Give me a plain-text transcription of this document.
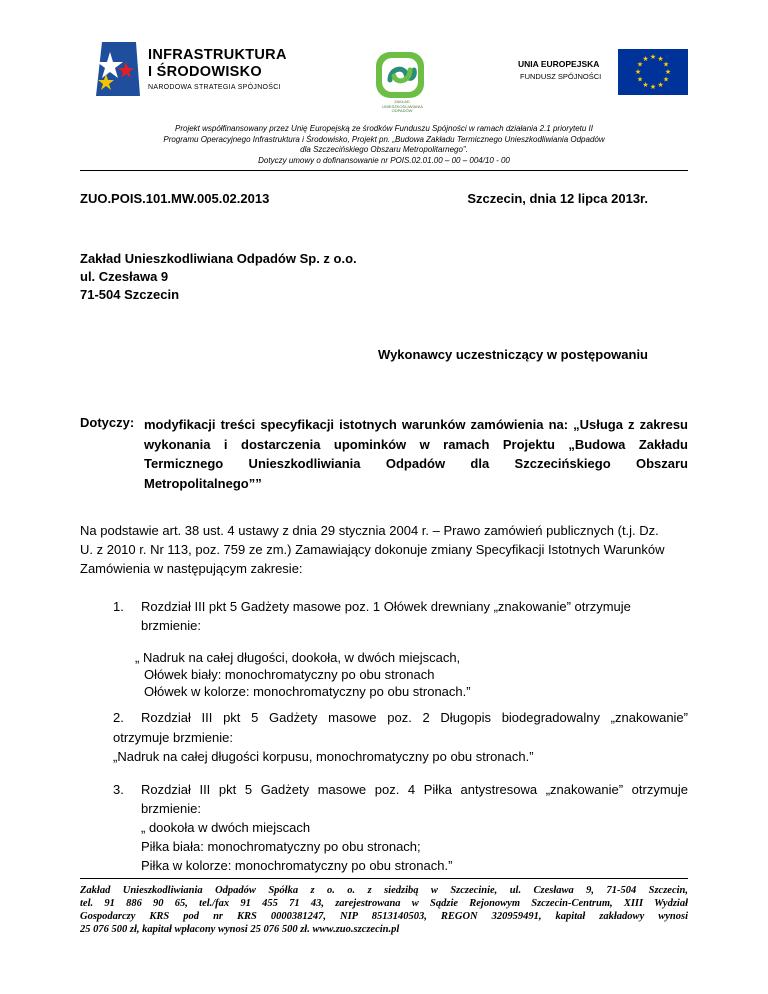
INFRASTRUKTURA
I ŚRODOWISKO
NARODOWA STRATEGIA SPÓJNOŚCI
ZAKŁAD
UNIESZKODLIWIANIA
ODPADÓW
UNIA EUROPEJSKA
FUNDUSZ SPÓJNOŚCI
★ ★
★
★
★
★
★
★
★
★
★
★
Projekt współfinansowany przez Unię Europejską ze środków Funduszu Spójności w ramach działania 2.1 priorytetu II
Programu Operacyjnego Infrastruktura i Środowisko, Projekt pn. „Budowa Zakładu Termicznego Unieszkodliwiania Odpadów
dla Szczecińskiego Obszaru Metropolitarnego”.
Dotyczy umowy o dofinansowanie nr POIS.02.01.00 – 00 – 004/10 - 00
ZUO.POIS.101.MW.005.02.2013	Szczecin, dnia 12 lipca 2013r.
Zakład Unieszkodliwiana Odpadów Sp. z o.o.
ul. Czesława 9
71-504 Szczecin
Wykonawcy uczestniczący w postępowaniu
Dotyczy: modyfikacji treści specyfikacji istotnych warunków zamówienia na: „Usługa z zakresu
wykonania i dostarczenia upominków w ramach Projektu „Budowa Zakładu
Termicznego Unieszkodliwiania Odpadów dla Szczecińskiego Obszaru
Metropolitalnego””
Na podstawie art. 38 ust. 4 ustawy z dnia 29 stycznia 2004 r. – Prawo zamówień publicznych (t.j. Dz.
U. z 2010 r. Nr 113, poz. 759 ze zm.) Zamawiający dokonuje zmiany Specyfikacji Istotnych Warunków
Zamówienia w następującym zakresie:
1. Rozdział III pkt 5 Gadżety masowe poz. 1 Ołówek drewniany „znakowanie” otrzymuje
brzmienie:
„ Nadruk na całej długości, dookoła, w dwóch miejscach,
Ołówek biały: monochromatyczny po obu stronach
Ołówek w kolorze: monochromatyczny po obu stronach.”
2. Rozdział III pkt 5 Gadżety masowe poz. 2 Długopis biodegradowalny „znakowanie”
otrzymuje brzmienie:
„Nadruk na całej długości korpusu, monochromatyczny po obu stronach.”
3. Rozdział III pkt 5 Gadżety masowe poz. 4 Piłka antystresowa „znakowanie” otrzymuje
brzmienie:
„ dookoła w dwóch miejscach
Piłka biała: monochromatyczny po obu stronach;
Piłka w kolorze: monochromatyczny po obu stronach.”
Zakład Unieszkodliwiania Odpadów Spółka z o. o. z siedzibą w Szczecinie, ul. Czesława 9, 71-504 Szczecin,
tel. 91 886 90 65, tel./fax 91 455 71 43, zarejestrowana w Sądzie Rejonowym Szczecin-Centrum, XIII Wydział
Gospodarczy KRS pod nr KRS 0000381247, NIP 8513140503, REGON 320959491, kapitał zakładowy wynosi
25 076 500 zł, kapitał wpłacony wynosi 25 076 500 zł. www.zuo.szczecin.pl
